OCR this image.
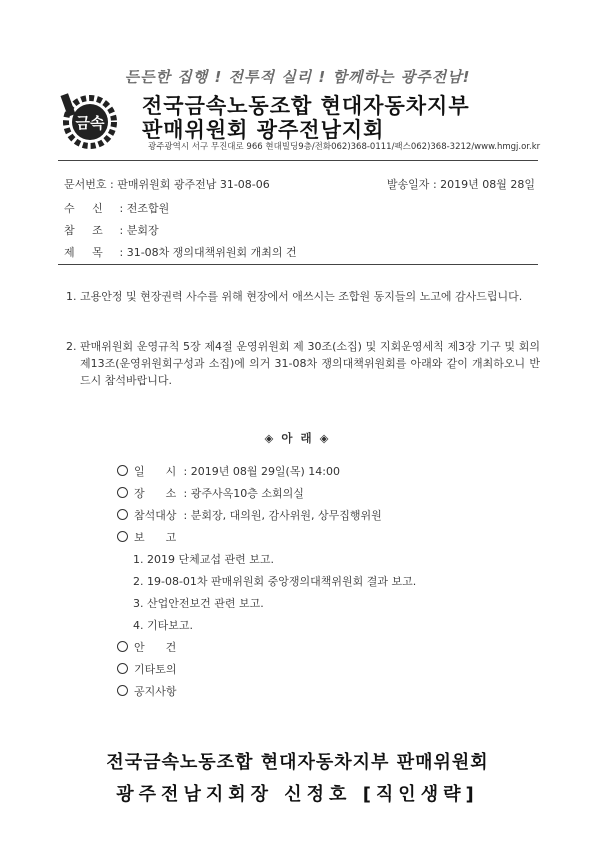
든든한 집행 ! 전투적 실리 ! 함께하는 광주전남!
금속
전국금속노동조합 현대자동차지부
판매위원회 광주전남지회
광주광역시 서구 무진대로 966 현대빌딩9층/전화062)368-0111/팩스062)368-3212/www.hmgj.or.kr
문서번호 : 판매위원회 광주전남 31-08-06	발송일자 : 2019년 08월 28일
수     신 : 전조합원
참     조 : 분회장
제     목 : 31-08차 쟁의대책위원회 개최의 건
1. 고용안정 및 현장권력 사수를 위해 현장에서 애쓰시는 조합원 동지들의 노고에 감사드립니다.
2. 판매위원회 운영규칙 5장 제4절 운영위원회 제 30조(소집) 및 지회운영세칙 제3장 기구 및 회의 제13조(운영위원회구성과 소집)에 의거 31-08차 쟁의대책위원회를 아래와 같이 개최하오니 반드시 참석바랍니다.
◈ 아 래 ◈
일      시 : 2019년 08월 29일(목) 14:00
장      소 : 광주사옥10층 소회의실
참석대상 : 분회장, 대의원, 감사위원, 상무집행위원
보      고
1. 2019 단체교섭 관련 보고.
2. 19-08-01차 판매위원회 중앙쟁의대책위원회 결과 보고.
3. 산업안전보건 관련 보고.
4. 기타보고.
안      건
기타토의
공지사항
전국금속노동조합 현대자동차지부 판매위원회
광주전남지회장 신정호 [직인생략]
